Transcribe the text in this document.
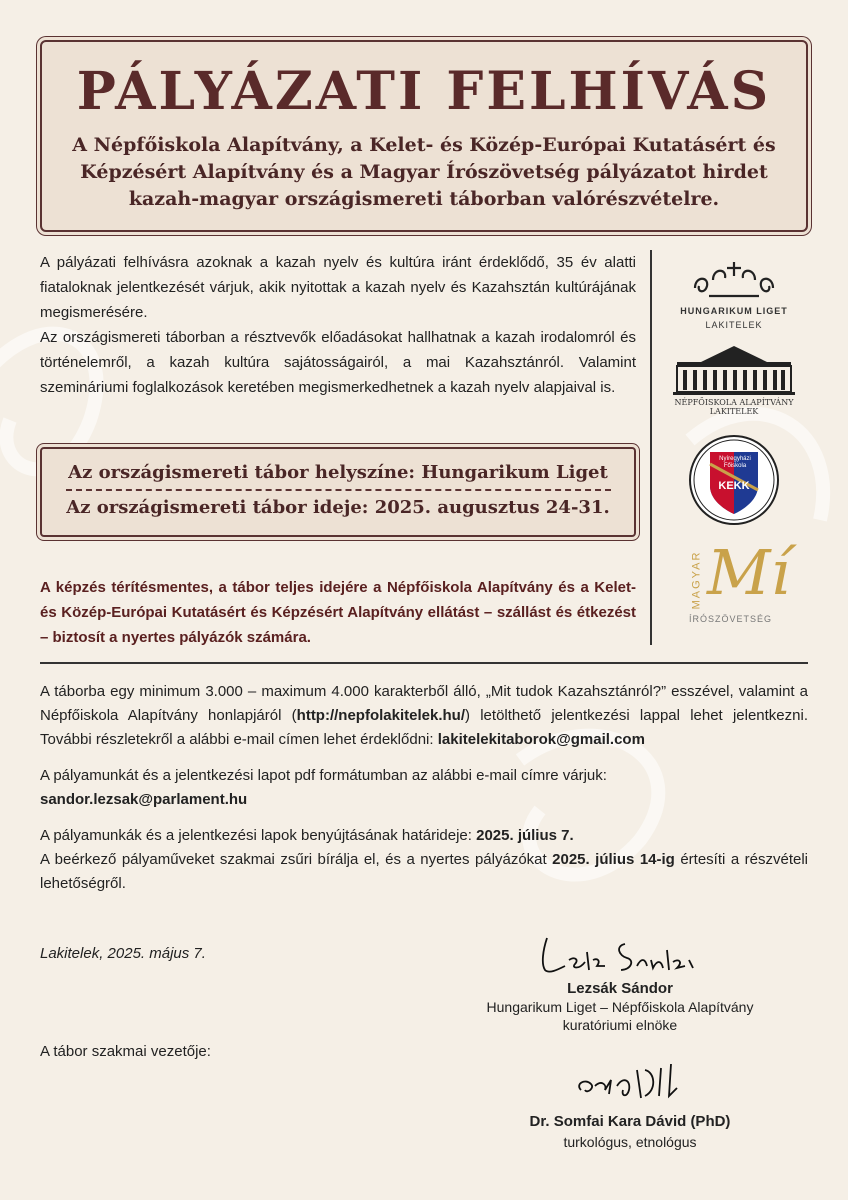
PÁLYÁZATI FELHÍVÁS
A Népfőiskola Alapítvány, a Kelet- és Közép-Európai Kutatásért és Képzésért Alapítvány és a Magyar Írószövetség pályázatot hirdet kazah-magyar országismereti táborban valórészvételre.

A pályázati felhívásra azoknak a kazah nyelv és kultúra iránt érdeklődő, 35 év alatti fiataloknak jelentkezését várjuk, akik nyitottak a kazah nyelv és Kazahsztán kultúrájának megismerésére.

Az országismereti táborban a résztvevők előadásokat hallhatnak a kazah irodalomról és történelemről, a kazah kultúra sajátosságairól, a mai Kazahsztánról. Valamint szemináriumi foglalkozások keretében megismerkedhetnek a kazah nyelv alapjaival is.

Az országismereti tábor helyszíne: Hungarikum Liget
Az országismereti tábor ideje: 2025. augusztus 24-31.
A képzés térítésmentes, a tábor teljes idejére a Népfőiskola Alapítvány és a Kelet- és Közép-Európai Kutatásért és Képzésért Alapítvány ellátást – szállást és étkezést – biztosít a nyertes pályázók számára.
HUNGARIKUM LIGET
LAKITELEK
NÉPFŐISKOLA ALAPÍTVÁNY
LAKITELEK
Nyíregyházi Főiskola
KEKK
MAGYAR Mí
ÍRÓSZÖVETSÉG

A táborba egy minimum 3.000 – maximum 4.000 karakterből álló, „Mit tudok Kazahsztánról?” esszével, valamint a Népfőiskola Alapítvány honlapjáról (http://nepfolakitelek.hu/) letölthető jelentkezési lappal lehet jelentkezni. További részletekről a alábbi e-mail címen lehet érdeklődni: lakitelekitaborok@gmail.com

A pályamunkát és a jelentkezési lapot pdf formátumban az alábbi e-mail címre várjuk:
sandor.lezsak@parlament.hu

A pályamunkák és a jelentkezési lapok benyújtásának határideje: 2025. július 7.
A beérkező pályaműveket szakmai zsűri bírálja el, és a nyertes pályázókat 2025. július 14-ig értesíti a részvételi lehetőségről.

Lakitelek, 2025. május 7.
Lezsák Sándor
Hungarikum Liget – Népfőiskola Alapítvány
kuratóriumi elnöke
A tábor szakmai vezetője:
Dr. Somfai Kara Dávid (PhD)
turkológus, etnológus
